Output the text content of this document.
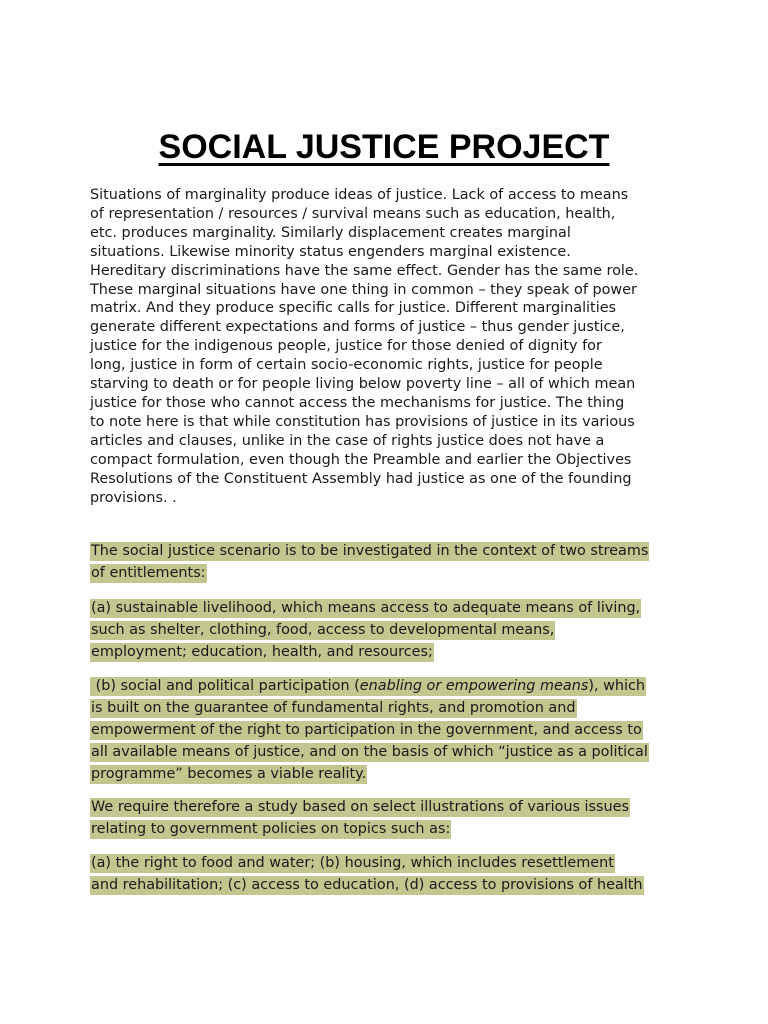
SOCIAL JUSTICE PROJECT

Situations of marginality produce ideas of justice. Lack of access to means
of representation / resources / survival means such as education, health,
etc. produces marginality. Similarly displacement creates marginal
situations. Likewise minority status engenders marginal existence.
Hereditary discriminations have the same effect. Gender has the same role.
These marginal situations have one thing in common – they speak of power
matrix. And they produce specific calls for justice. Different marginalities
generate different expectations and forms of justice – thus gender justice,
justice for the indigenous people, justice for those denied of dignity for
long, justice in form of certain socio-economic rights, justice for people
starving to death or for people living below poverty line – all of which mean
justice for those who cannot access the mechanisms for justice. The thing
to note here is that while constitution has provisions of justice in its various
articles and clauses, unlike in the case of rights justice does not have a
compact formulation, even though the Preamble and earlier the Objectives
Resolutions of the Constituent Assembly had justice as one of the founding
provisions. .

The social justice scenario is to be investigated in the context of two streams
of entitlements:
(a) sustainable livelihood, which means access to adequate means of living,
such as shelter, clothing, food, access to developmental means,
employment; education, health, and resources;
(b) social and political participation (enabling or empowering means), which
is built on the guarantee of fundamental rights, and promotion and
empowerment of the right to participation in the government, and access to
all available means of justice, and on the basis of which “justice as a political
programme” becomes a viable reality.
We require therefore a study based on select illustrations of various issues
relating to government policies on topics such as:
(a) the right to food and water; (b) housing, which includes resettlement
and rehabilitation; (c) access to education, (d) access to provisions of health
